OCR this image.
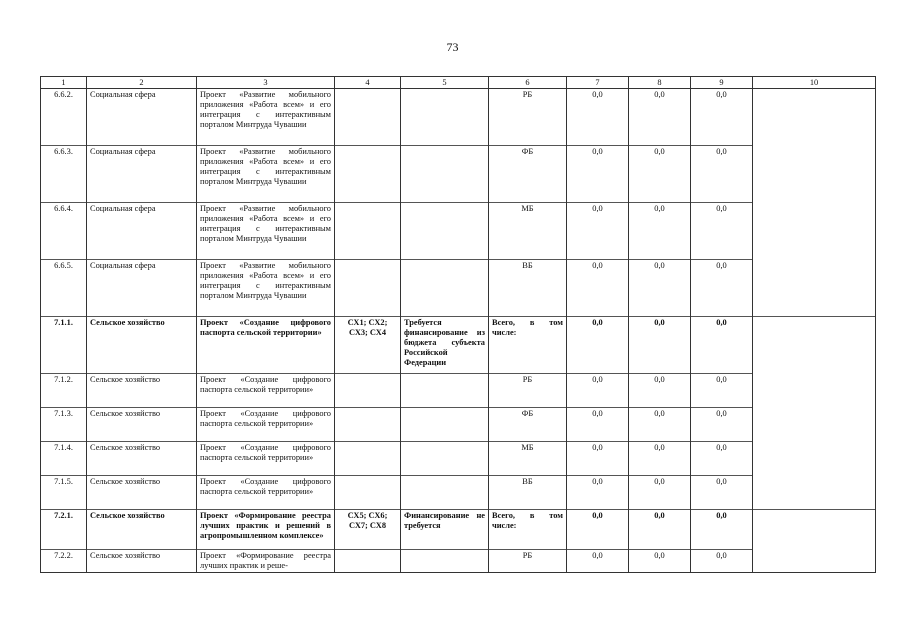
73
1	2	3	4	5	6	7	8	9	10
6.6.2.	Социальная сфера	Проект «Развитие мобильного приложения «Работа всем» и его интеграция с интерактивным порталом Минтруда Чувашии			РБ	0,0	0,0	0,0	
6.6.3.	Социальная сфера	Проект «Развитие мобильного приложения «Работа всем» и его интеграция с интерактивным порталом Минтруда Чувашии			ФБ	0,0	0,0	0,0	
6.6.4.	Социальная сфера	Проект «Развитие мобильного приложения «Работа всем» и его интеграция с интерактивным порталом Минтруда Чувашии			МБ	0,0	0,0	0,0	
6.6.5.	Социальная сфера	Проект «Развитие мобильного приложения «Работа всем» и его интеграция с интерактивным порталом Минтруда Чувашии			ВБ	0,0	0,0	0,0	
7.1.1.	Сельское хозяйство	Проект «Создание цифрового паспорта сельской территории»	СХ1; СХ2; СХ3; СХ4	Требуется финансирование из бюджета субъекта Российской Федерации	Всего, в том числе:	0,0	0,0	0,0	
7.1.2.	Сельское хозяйство	Проект «Создание цифрового паспорта сельской территории»			РБ	0,0	0,0	0,0	
7.1.3.	Сельское хозяйство	Проект «Создание цифрового паспорта сельской территории»			ФБ	0,0	0,0	0,0	
7.1.4.	Сельское хозяйство	Проект «Создание цифрового паспорта сельской территории»			МБ	0,0	0,0	0,0	
7.1.5.	Сельское хозяйство	Проект «Создание цифрового паспорта сельской территории»			ВБ	0,0	0,0	0,0	
7.2.1.	Сельское хозяйство	Проект «Формирование реестра лучших практик и решений в агропромышленном комплексе»	СХ5; СХ6; СХ7; СХ8	Финансирование не требуется	Всего, в том числе:	0,0	0,0	0,0	
7.2.2.	Сельское хозяйство	Проект «Формирование реестра лучших практик и реше-			РБ	0,0	0,0	0,0	
